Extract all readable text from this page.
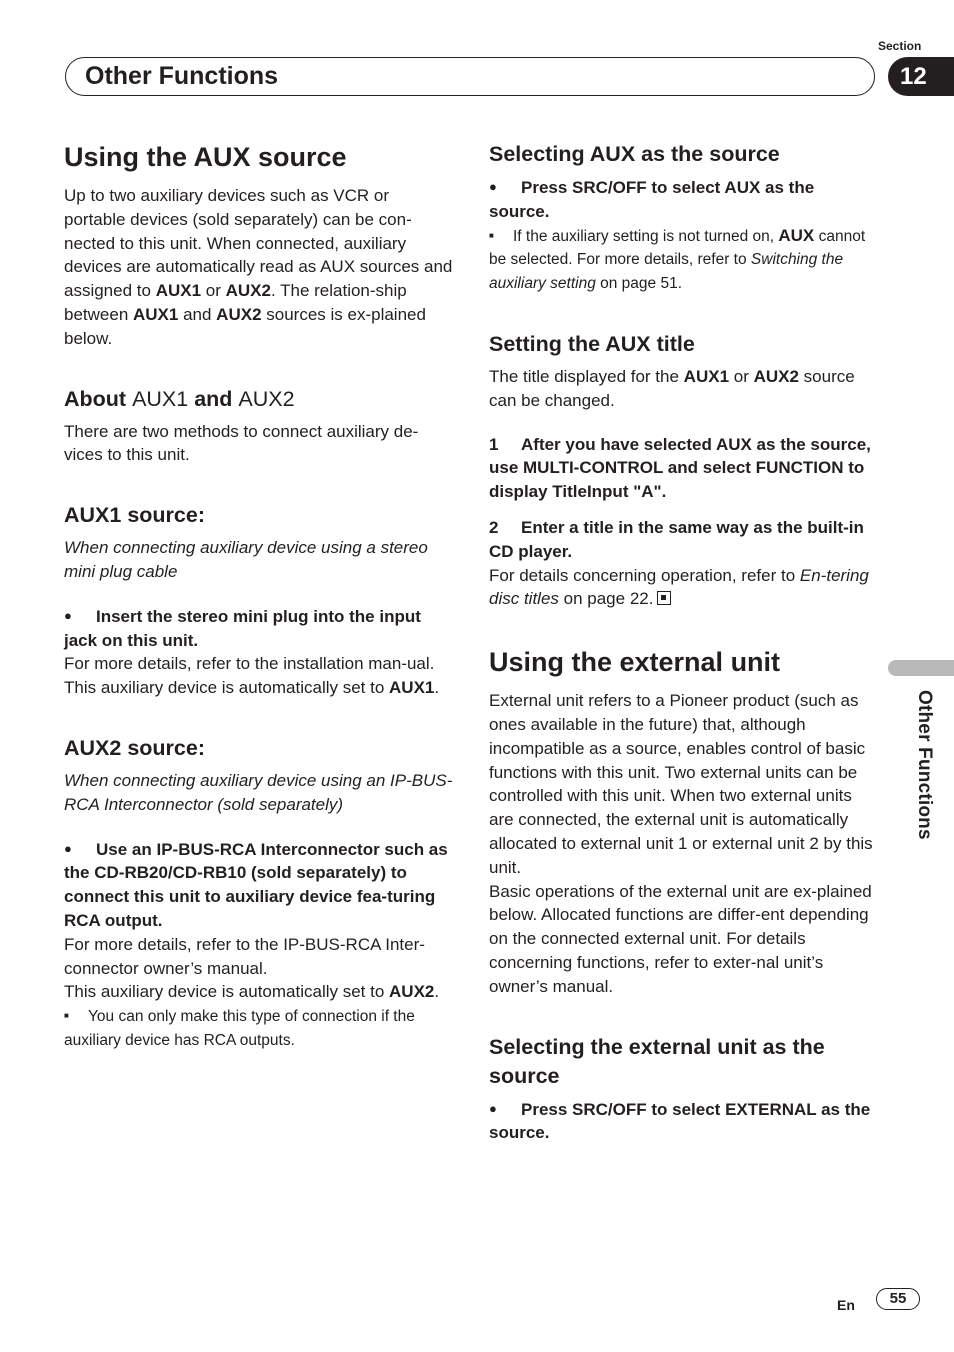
Section
Other Functions	12
Other Functions
Using the AUX source

Up to two auxiliary devices such as VCR or portable devices (sold separately) can be con-nected to this unit. When connected, auxiliary devices are automatically read as AUX sources and assigned to AUX1 or AUX2. The relation-ship between AUX1 and AUX2 sources is ex-plained below.

About AUX1 and AUX2

There are two methods to connect auxiliary de-vices to this unit.

AUX1 source:

When connecting auxiliary device using a stereo mini plug cable

● Insert the stereo mini plug into the input jack on this unit.

For more details, refer to the installation man-ual.

This auxiliary device is automatically set to AUX1.

AUX2 source:

When connecting auxiliary device using an IP-BUS-RCA Interconnector (sold separately)

● Use an IP-BUS-RCA Interconnector such as the CD-RB20/CD-RB10 (sold separately) to connect this unit to auxiliary device fea-turing RCA output.

For more details, refer to the IP-BUS-RCA Inter-connector owner’s manual.

This auxiliary device is automatically set to AUX2.

■ You can only make this type of connection if the auxiliary device has RCA outputs.

Selecting AUX as the source

● Press SRC/OFF to select AUX as the source.

■ If the auxiliary setting is not turned on, AUX cannot be selected. For more details, refer to Switching the auxiliary setting on page 51.

Setting the AUX title

The title displayed for the AUX1 or AUX2 source can be changed.

1 After you have selected AUX as the source, use MULTI-CONTROL and select FUNCTION to display TitleInput "A".

2 Enter a title in the same way as the built-in CD player.

For details concerning operation, refer to En-tering disc titles on page 22.

Using the external unit

External unit refers to a Pioneer product (such as ones available in the future) that, although incompatible as a source, enables control of basic functions with this unit. Two external units can be controlled with this unit. When two external units are connected, the external unit is automatically allocated to external unit 1 or external unit 2 by this unit.

Basic operations of the external unit are ex-plained below. Allocated functions are differ-ent depending on the connected external unit. For details concerning functions, refer to exter-nal unit’s owner’s manual.

Selecting the external unit as the source

● Press SRC/OFF to select EXTERNAL as the source.

En	55
